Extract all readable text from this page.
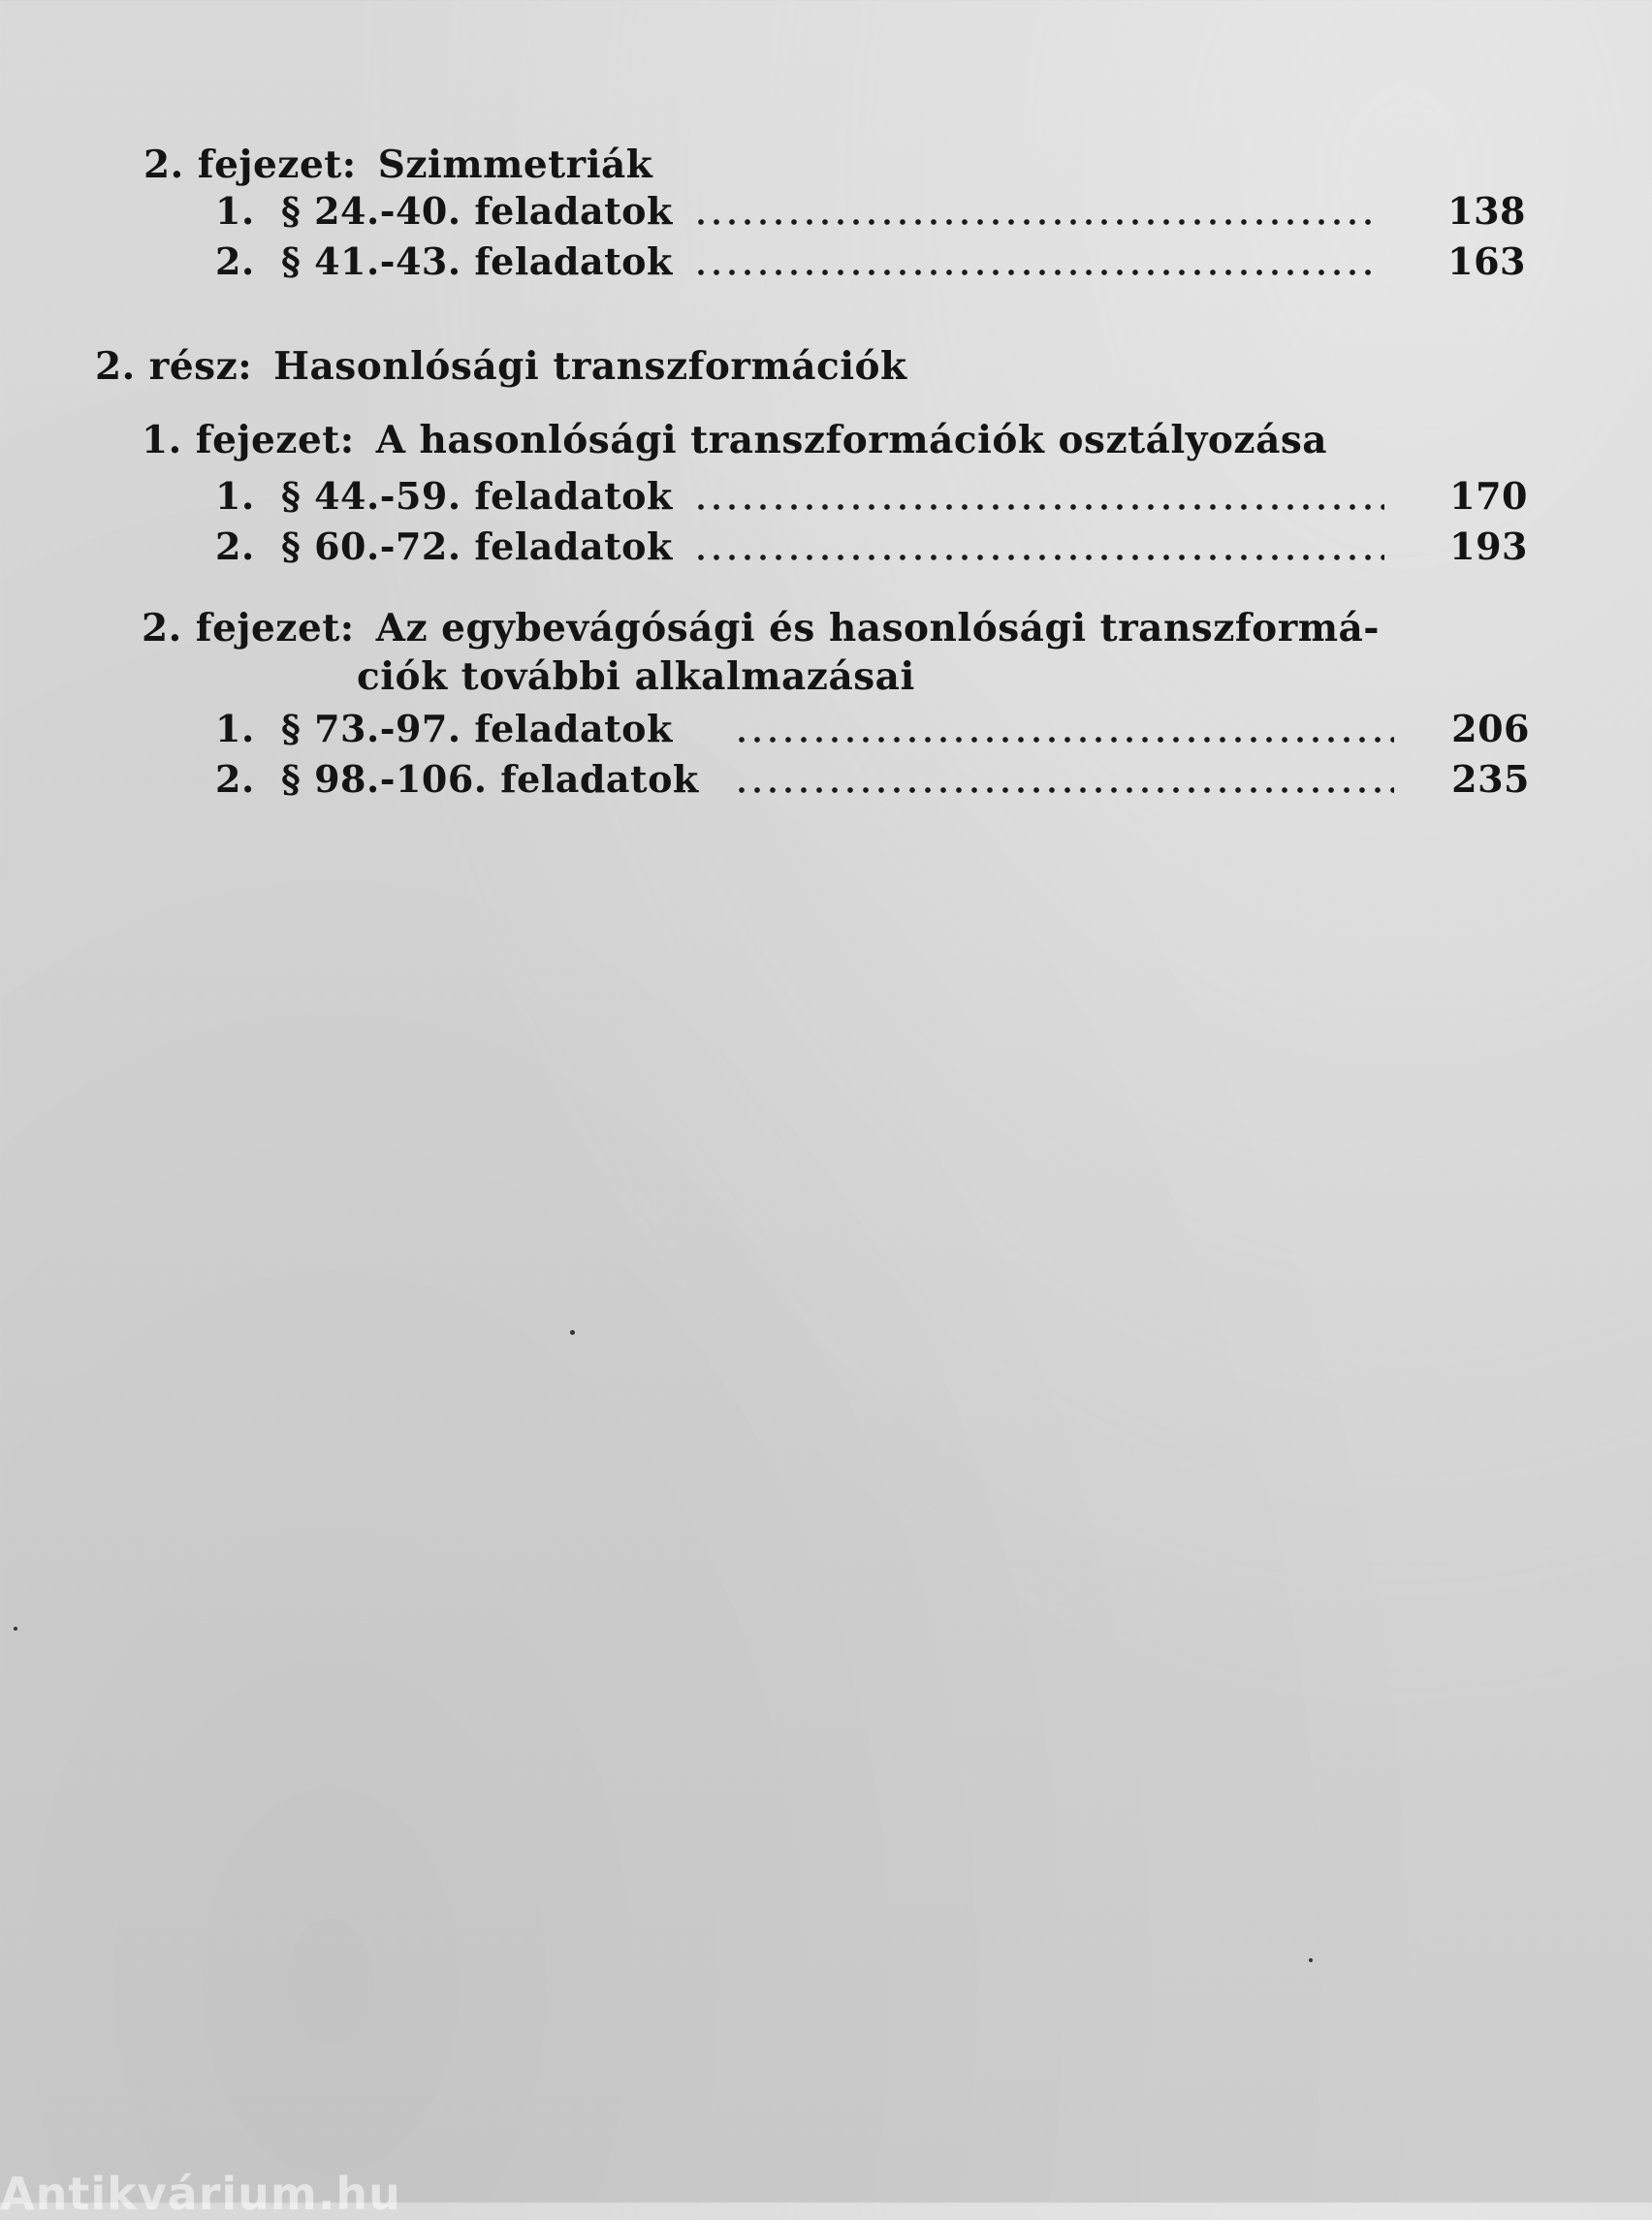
2. fejezet: Szimmetriák
1. § 24.-40. feladatok	138
2. § 41.-43. feladatok	163
2. rész: Hasonlósági transzformációk
1. fejezet: A hasonlósági transzformációk osztályozása
1. § 44.-59. feladatok	170
2. § 60.-72. feladatok	193
2. fejezet: Az egybevágósági és hasonlósági transzformá-
ciók további alkalmazásai
1. § 73.-97. feladatok	206
2. § 98.-106. feladatok	235
Antikvárium.hu
